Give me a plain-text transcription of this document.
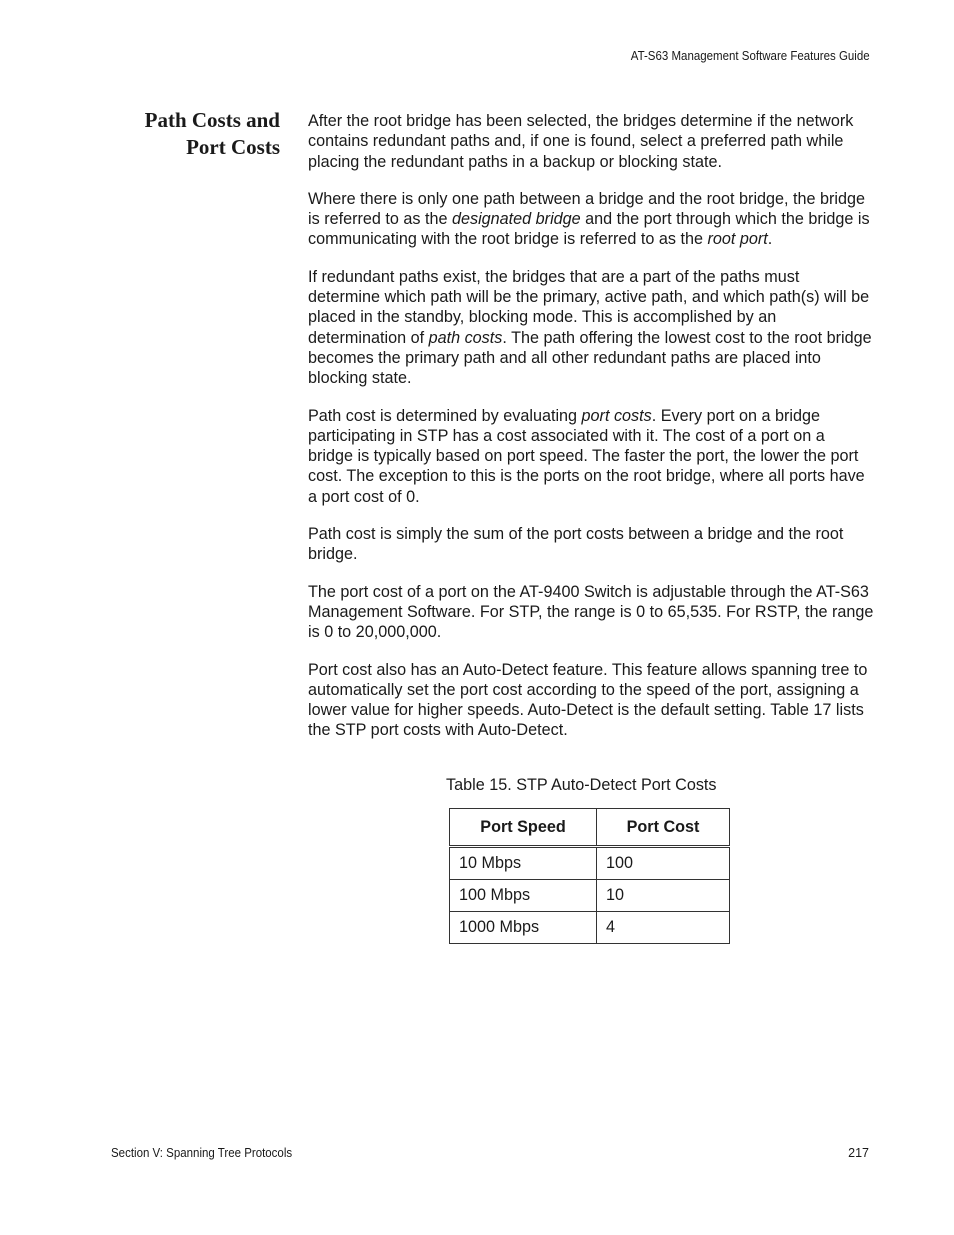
AT-S63 Management Software Features Guide
Path Costs and
Port Costs

After the root bridge has been selected, the bridges determine if the network contains redundant paths and, if one is found, select a preferred path while placing the redundant paths in a backup or blocking state.

Where there is only one path between a bridge and the root bridge, the bridge is referred to as the designated bridge and the port through which the bridge is communicating with the root bridge is referred to as the root port.

If redundant paths exist, the bridges that are a part of the paths must determine which path will be the primary, active path, and which path(s) will be placed in the standby, blocking mode. This is accomplished by an determination of path costs. The path offering the lowest cost to the root bridge becomes the primary path and all other redundant paths are placed into blocking state.

Path cost is determined by evaluating port costs. Every port on a bridge participating in STP has a cost associated with it. The cost of a port on a bridge is typically based on port speed. The faster the port, the lower the port cost. The exception to this is the ports on the root bridge, where all ports have a port cost of 0.

Path cost is simply the sum of the port costs between a bridge and the root bridge.

The port cost of a port on the AT-9400 Switch is adjustable through the AT-S63 Management Software. For STP, the range is 0 to 65,535. For RSTP, the range is 0 to 20,000,000.

Port cost also has an Auto-Detect feature. This feature allows spanning tree to automatically set the port cost according to the speed of the port, assigning a lower value for higher speeds. Auto-Detect is the default setting. Table 17 lists the STP port costs with Auto-Detect.

Table 15. STP Auto-Detect Port Costs
Port Speed	Port Cost
10 Mbps	100
100 Mbps	10
1000 Mbps	4
Section V: Spanning Tree Protocols	217
